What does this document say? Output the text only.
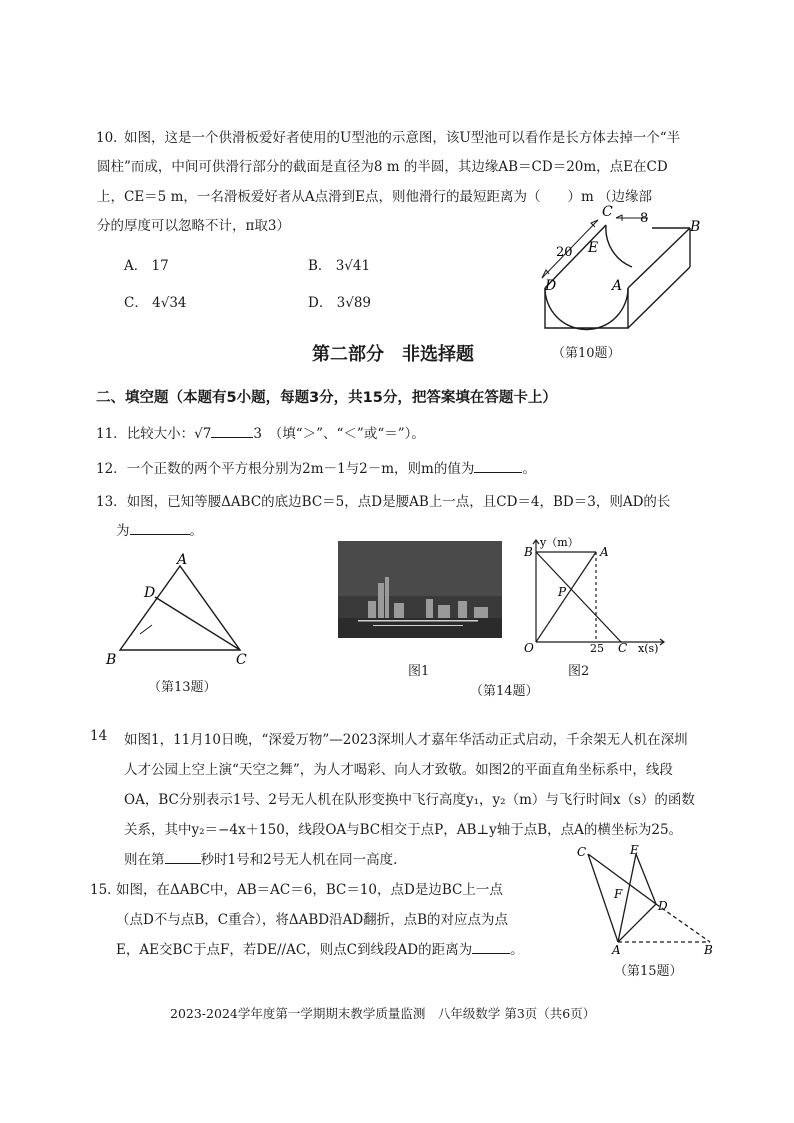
10．
如图，这是一个供滑板爱好者使用的U型池的示意图，该U型池可以看作是长方体去掉一个“半
圆柱”而成，中间可供滑行部分的截面是直径为8 m 的半圆，其边缘AB＝CD＝20m，点E在CD
上，CE＝5 m，一名滑板爱好者从A点滑到E点，则他滑行的最短距离为（　　）m （边缘部
分的厚度可以忽略不计，π取3）
A． 17	B． 3√41
C． 4√34	D． 3√89
C 8
B
20 E
D	A
（第10题）
第二部分　非选择题
二、填空题（本题有5小题，每题3分，共15分，把答案填在答题卡上）
11．比较大小：√7	3　（填“＞”、“＜”或“＝”）。
12．一个正数的两个平方根分别为2m－1与2－m，则m的值为	。
13．如图，已知等腰ΔABC的底边BC＝5，点D是腰AB上一点，且CD＝4，BD＝3，则AD的长
为	。
A
D
B	C
（第13题）
图1
B	A
P
O	25 C
y（m）
x(s)
图2
（第14题）
14 如图1，11月10日晚，“深爱万物”—2023深圳人才嘉年华活动正式启动，千余架无人机在深圳
人才公园上空上演“天空之舞”，为人才喝彩、向人才致敬。如图2的平面直角坐标系中，线段
OA，BC分别表示1号、2号无人机在队形变换中飞行高度y₁，y₂（m）与飞行时间x（s）的函数
关系，其中y₂＝−4x＋150，线段OA与BC相交于点P，AB⊥y轴于点B，点A的横坐标为25。
则在第	秒时1号和2号无人机在同一高度.
15．
如图，在ΔABC中，AB＝AC＝6，BC＝10，点D是边BC上一点
（点D不与点B，C重合），将ΔABD沿AD翻折，点B的对应点为点
E，AE交BC于点F，若DE//AC，则点C到线段AD的距离为	。
C	E
F
D
A	B
（第15题）
2023-2024学年度第一学期期末教学质量监测　八年级数学 第3页（共6页）
